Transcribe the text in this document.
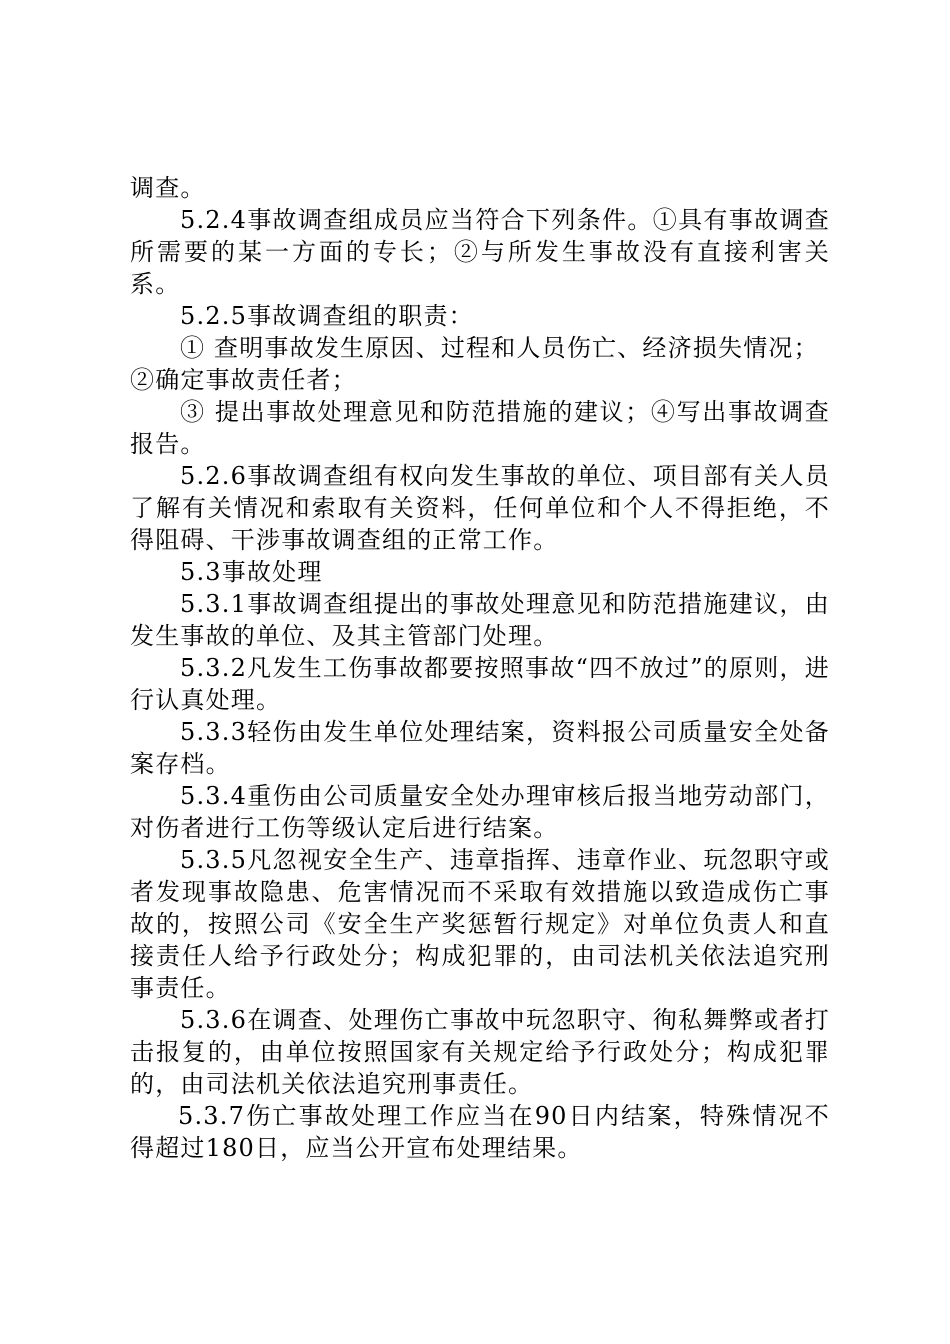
调查。

5.2.4事故调查组成员应当符合下列条件。①具有事故调查所需要的某一方面的专长；②与所发生事故没有直接利害关系。

5.2.5事故调查组的职责：

① 查明事故发生原因、过程和人员伤亡、经济损失情况；

②确定事故责任者；

③ 提出事故处理意见和防范措施的建议；④写出事故调查报告。

5.2.6事故调查组有权向发生事故的单位、项目部有关人员了解有关情况和索取有关资料，任何单位和个人不得拒绝，不得阻碍、干涉事故调查组的正常工作。

5.3事故处理

5.3.1事故调查组提出的事故处理意见和防范措施建议，由发生事故的单位、及其主管部门处理。

5.3.2凡发生工伤事故都要按照事故“四不放过”的原则，进行认真处理。

5.3.3轻伤由发生单位处理结案，资料报公司质量安全处备案存档。

5.3.4重伤由公司质量安全处办理审核后报当地劳动部门，对伤者进行工伤等级认定后进行结案。

5.3.5凡忽视安全生产、违章指挥、违章作业、玩忽职守或者发现事故隐患、危害情况而不采取有效措施以致造成伤亡事故的，按照公司《安全生产奖惩暂行规定》对单位负责人和直接责任人给予行政处分；构成犯罪的，由司法机关依法追究刑事责任。

5.3.6在调查、处理伤亡事故中玩忽职守、徇私舞弊或者打击报复的，由单位按照国家有关规定给予行政处分；构成犯罪的，由司法机关依法追究刑事责任。

5.3.7伤亡事故处理工作应当在90日内结案，特殊情况不得超过180日，应当公开宣布处理结果。
